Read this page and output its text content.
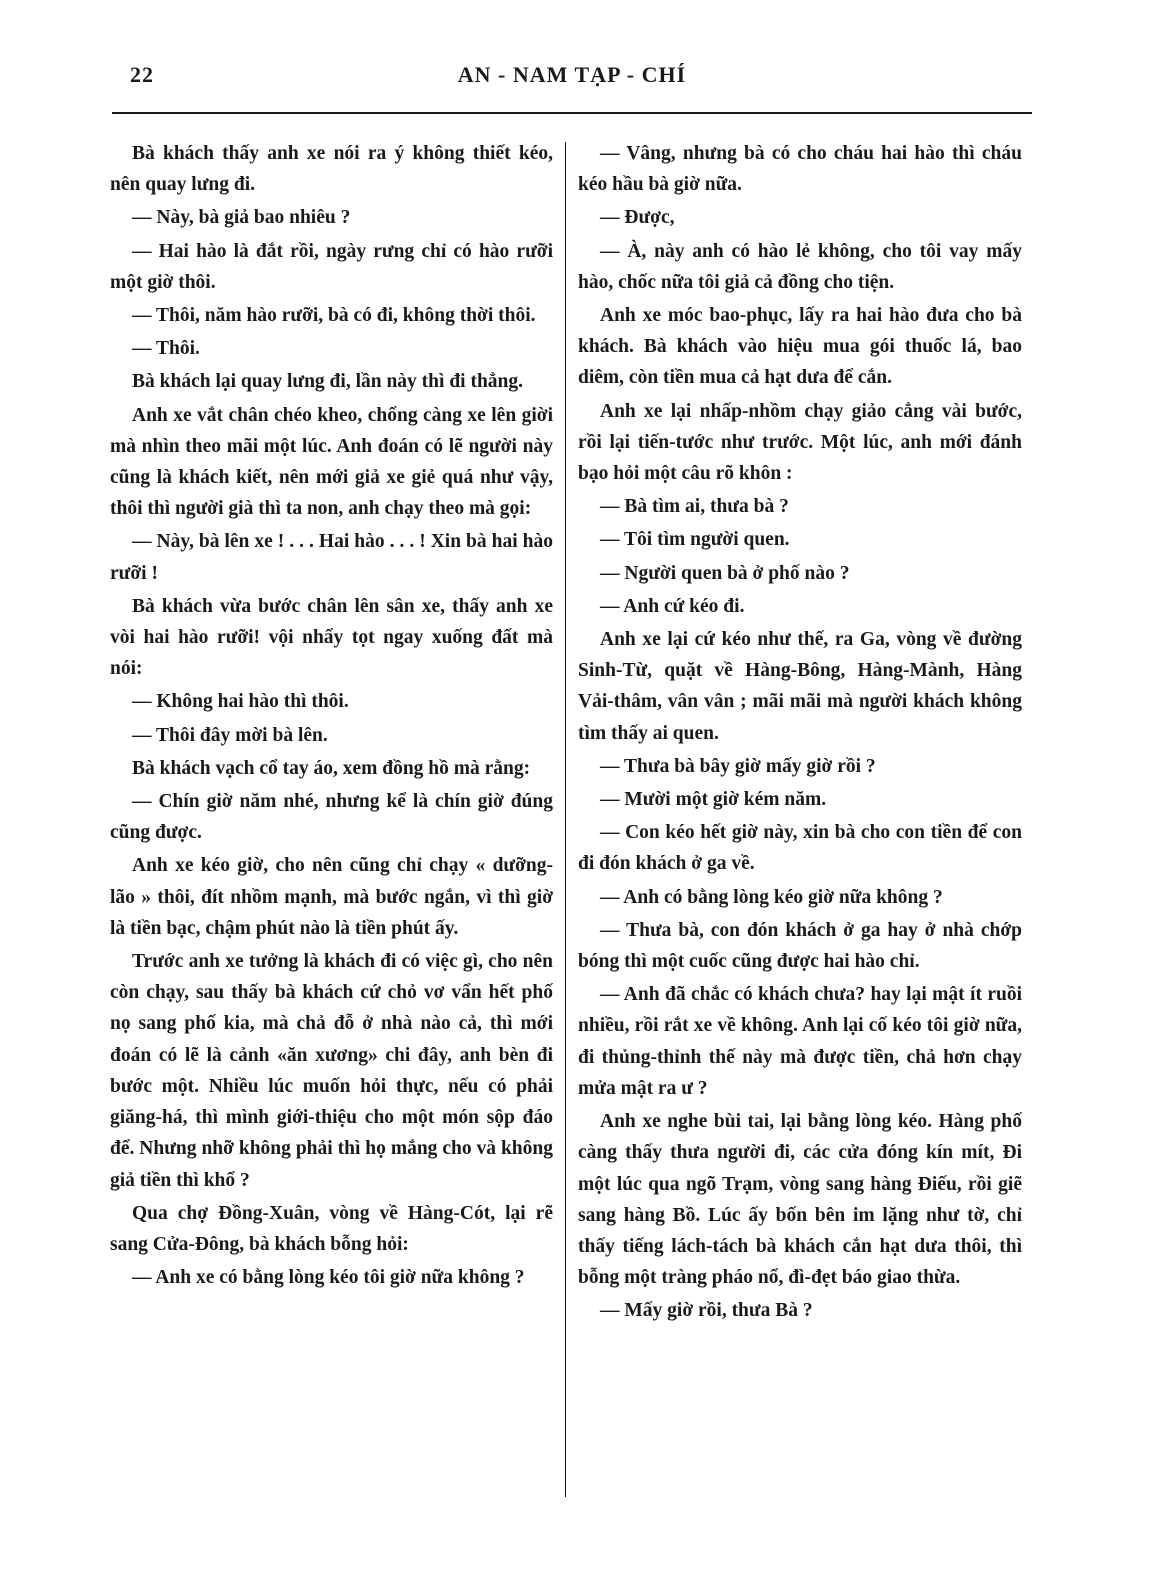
AN - NAM TẠP - CHÍ
22

Bà khách thấy anh xe nói ra ý không thiết kéo, nên quay lưng đi.

— Này, bà giả bao nhiêu ?

— Hai hào là đắt rồi, ngày rưng chỉ có hào rưỡi một giờ thôi.

— Thôi, năm hào rưỡi, bà có đi, không thời thôi.

— Thôi.

Bà khách lại quay lưng đi, lần này thì đi thẳng.

Anh xe vắt chân chéo kheo, chổng càng xe lên giời mà nhìn theo mãi một lúc. Anh đoán có lẽ người này cũng là khách kiết, nên mới giả xe giẻ quá như vậy, thôi thì người già thì ta non, anh chạy theo mà gọi:

— Này, bà lên xe ! . . . Hai hào . . . ! Xin bà hai hào rưỡi !

Bà khách vừa bước chân lên sân xe, thấy anh xe vòi hai hào rưỡi! vội nhẩy tọt ngay xuống đất mà nói:

— Không hai hào thì thôi.

— Thôi đây mời bà lên.

Bà khách vạch cổ tay áo, xem đồng hồ mà rằng:

— Chín giờ năm nhé, nhưng kể là chín giờ đúng cũng được.

Anh xe kéo giờ, cho nên cũng chỉ chạy « dưỡng-lão » thôi, đít nhồm mạnh, mà bước ngắn, vì thì giờ là tiền bạc, chậm phút nào là tiền phút ấy.

Trước anh xe tưởng là khách đi có việc gì, cho nên còn chạy, sau thấy bà khách cứ chỏ vơ vẩn hết phố nọ sang phố kia, mà chả đỗ ở nhà nào cả, thì mới đoán có lẽ là cảnh «ăn xương» chi đây, anh bèn đi bước một. Nhiều lúc muốn hỏi thực, nếu có phải giăng-há, thì mình giới-thiệu cho một món sộp đáo để. Nhưng nhỡ không phải thì họ mắng cho và không giả tiền thì khổ ?

Qua chợ Đồng-Xuân, vòng về Hàng-Cót, lại rẽ sang Cửa-Đông, bà khách bỗng hỏi:

— Anh xe có bằng lòng kéo tôi giờ nữa không ?

— Vâng, nhưng bà có cho cháu hai hào thì cháu kéo hầu bà giờ nữa.

— Được,

— À, này anh có hào lẻ không, cho tôi vay mấy hào, chốc nữa tôi giả cả đồng cho tiện.

Anh xe móc bao-phục, lấy ra hai hào đưa cho bà khách. Bà khách vào hiệu mua gói thuốc lá, bao diêm, còn tiền mua cả hạt dưa để cắn.

Anh xe lại nhấp-nhồm chạy giảo cẳng vài bước, rồi lại tiến-tước như trước. Một lúc, anh mới đánh bạo hỏi một câu rõ khôn :

— Bà tìm ai, thưa bà ?

— Tôi tìm người quen.

— Người quen bà ở phố nào ?

— Anh cứ kéo đi.

Anh xe lại cứ kéo như thế, ra Ga, vòng về đường Sinh-Từ, quặt về Hàng-Bông, Hàng-Mành, Hàng Vải-thâm, vân vân ; mãi mãi mà người khách không tìm thấy ai quen.

— Thưa bà bây giờ mấy giờ rồi ?

— Mười một giờ kém năm.

— Con kéo hết giờ này, xin bà cho con tiền để con đi đón khách ở ga về.

— Anh có bằng lòng kéo giờ nữa không ?

— Thưa bà, con đón khách ở ga hay ở nhà chớp bóng thì một cuốc cũng được hai hào chỉ.

— Anh đã chắc có khách chưa? hay lại mật ít ruồi nhiều, rồi rắt xe về không. Anh lại cố kéo tôi giờ nữa, đi thủng-thỉnh thế này mà được tiền, chả hơn chạy mửa mật ra ư ?

Anh xe nghe bùi tai, lại bằng lòng kéo. Hàng phố càng thấy thưa người đi, các cửa đóng kín mít, Đi một lúc qua ngõ Trạm, vòng sang hàng Điếu, rồi giẽ sang hàng Bồ. Lúc ấy bốn bên im lặng như tờ, chỉ thấy tiếng lách-tách bà khách cắn hạt dưa thôi, thì bỗng một tràng pháo nổ, đì-đẹt báo giao thừa.

— Mấy giờ rồi, thưa Bà ?
